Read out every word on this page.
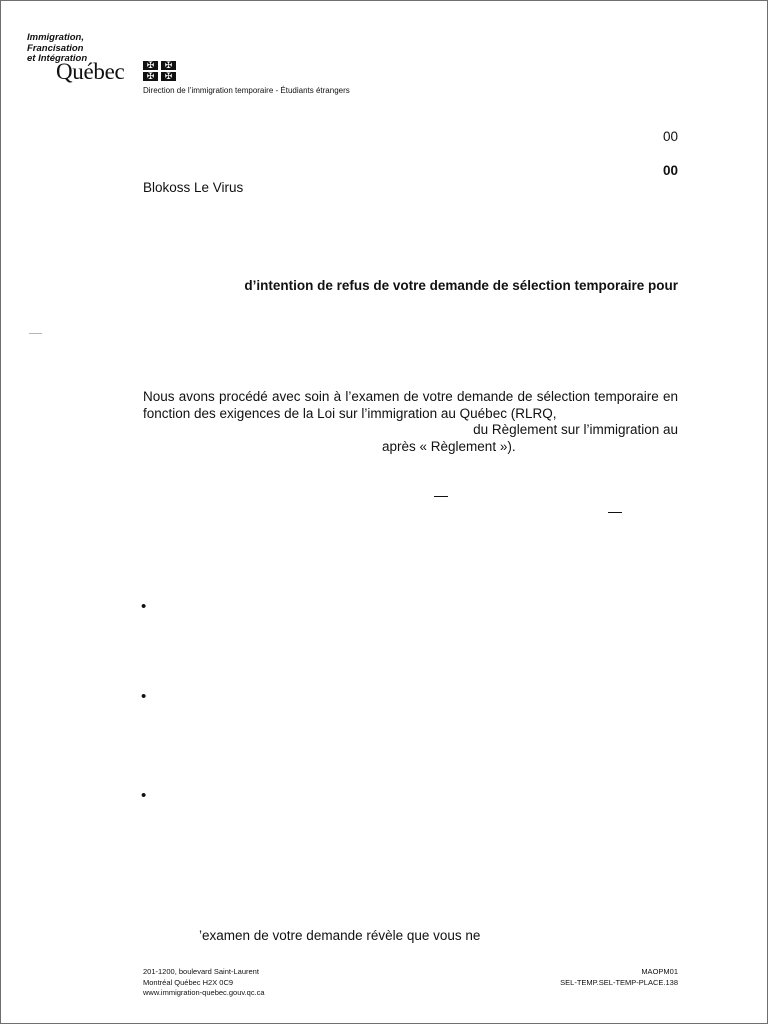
Immigration,
Francisation
et Intégration
Québec	✠	✠
✠	✠
Direction de l’immigration temporaire - Étudiants étrangers
00
00
Blokoss Le Virus
d’intention de refus de votre demande de sélection temporaire pour
Nous avons procédé avec soin à l’examen de votre demande de sélection temporaire en
fonction des exigences de la Loi sur l’immigration au Québec (RLRQ,
du Règlement sur l’immigration au
après « Règlement »).
•
•
•
’examen de votre demande révèle que vous ne
201-1200, boulevard Saint-Laurent
Montréal Québec H2X 0C9
www.immigration-quebec.gouv.qc.ca
MAOPM01
SEL-TEMP.SEL-TEMP-PLACE.138
